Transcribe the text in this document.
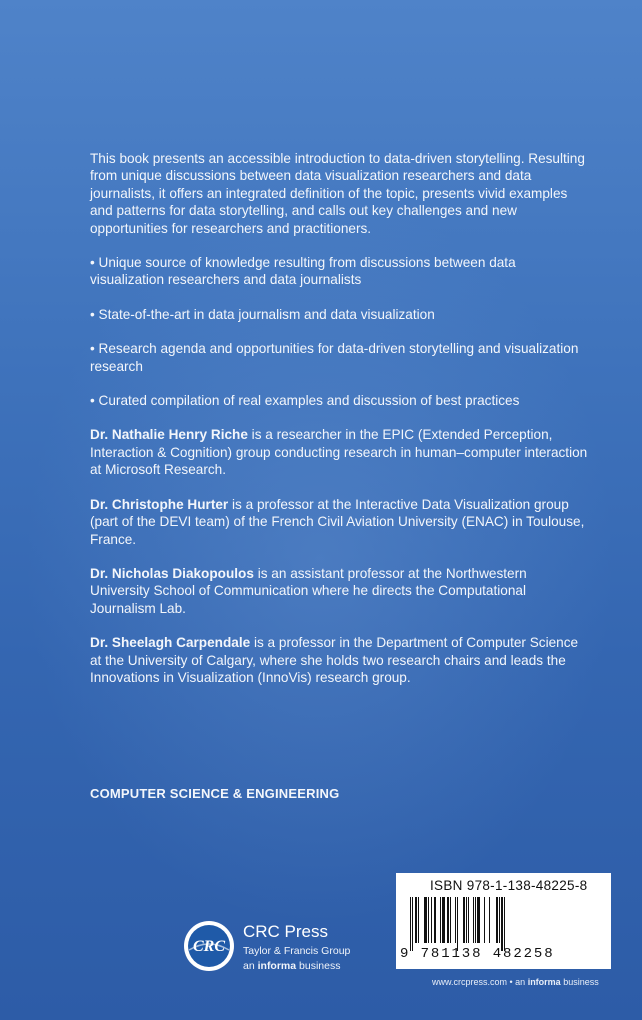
This book presents an accessible introduction to data-driven storytelling. Resulting from unique discussions between data visualization researchers and data journalists, it offers an integrated definition of the topic, presents vivid examples and patterns for data storytelling, and calls out key challenges and new opportunities for researchers and practitioners.

• Unique source of knowledge resulting from discussions between data visualization researchers and data journalists

• State-of-the-art in data journalism and data visualization

• Research agenda and opportunities for data-driven storytelling and visualization research

• Curated compilation of real examples and discussion of best practices

Dr. Nathalie Henry Riche is a researcher in the EPIC (Extended Perception, Interaction & Cognition) group conducting research in human–computer interaction at Microsoft Research.

Dr. Christophe Hurter is a professor at the Interactive Data Visualization group (part of the DEVI team) of the French Civil Aviation University (ENAC) in Toulouse, France.

Dr. Nicholas Diakopoulos is an assistant professor at the Northwestern University School of Communication where he directs the Computational Journalism Lab.

Dr. Sheelagh Carpendale is a professor in the Department of Computer Science at the University of Calgary, where she holds two research chairs and leads the Innovations in Visualization (InnoVis) research group.

COMPUTER SCIENCE & ENGINEERING
CRC
CRC Press
Taylor & Francis Group
an informa business
ISBN 978-1-138-48225-8
9 781138 482258
www.crcpress.com • an informa business
